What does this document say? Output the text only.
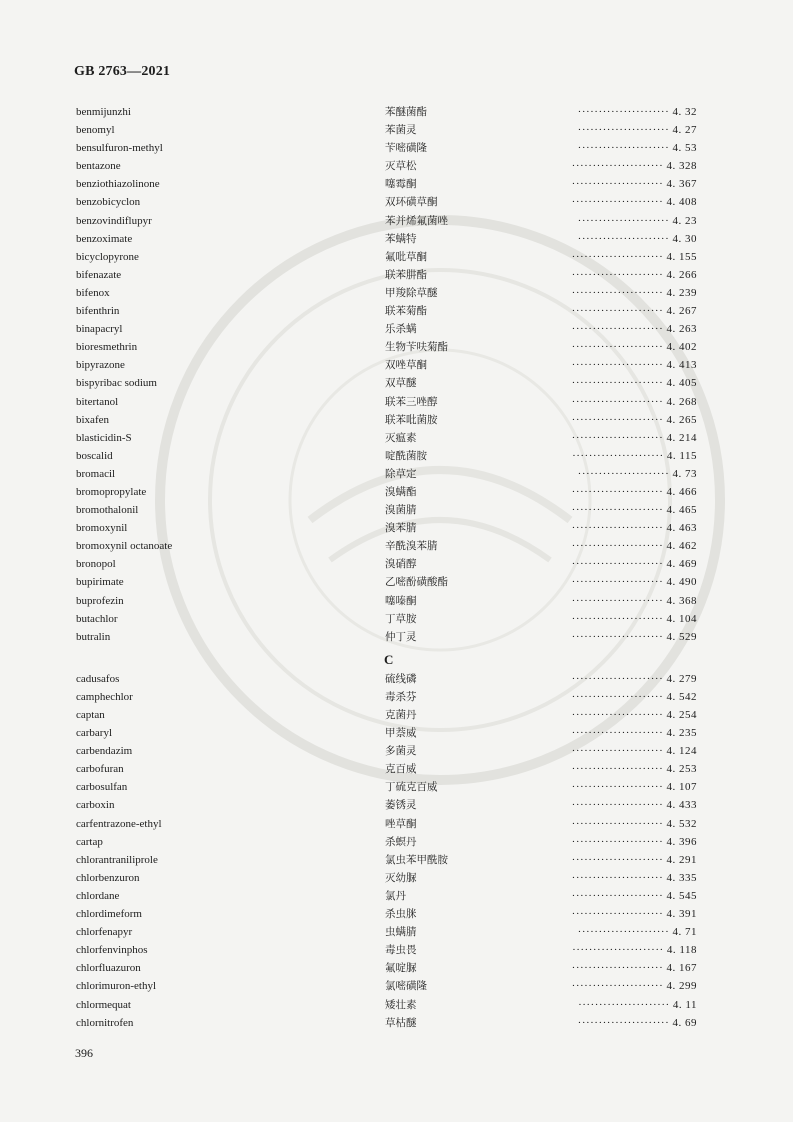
GB 2763—2021
benmijunzhi	苯醚菌酯	······················ 4. 32
benomyl	苯菌灵	······················ 4. 27
bensulfuron-methyl	苄嘧磺隆	······················ 4. 53
bentazone	灭草松	······················ 4. 328
benziothiazolinone	噻霉酮	······················ 4. 367
benzobicyclon	双环磺草酮	······················ 4. 408
benzovindiflupyr	苯并烯氟菌唑	······················ 4. 23
benzoximate	苯螨特	······················ 4. 30
bicyclopyrone	氟吡草酮	······················ 4. 155
bifenazate	联苯肼酯	······················ 4. 266
bifenox	甲羧除草醚	······················ 4. 239
bifenthrin	联苯菊酯	······················ 4. 267
binapacryl	乐杀螨	······················ 4. 263
bioresmethrin	生物苄呋菊酯	······················ 4. 402
bipyrazone	双唑草酮	······················ 4. 413
bispyribac sodium	双草醚	······················ 4. 405
bitertanol	联苯三唑醇	······················ 4. 268
bixafen	联苯吡菌胺	······················ 4. 265
blasticidin-S	灭瘟素	······················ 4. 214
boscalid	啶酰菌胺	······················ 4. 115
bromacil	除草定	······················ 4. 73
bromopropylate	溴螨酯	······················ 4. 466
bromothalonil	溴菌腈	······················ 4. 465
bromoxynil	溴苯腈	······················ 4. 463
bromoxynil octanoate	辛酰溴苯腈	······················ 4. 462
bronopol	溴硝醇	······················ 4. 469
bupirimate	乙嘧酚磺酸酯	······················ 4. 490
buprofezin	噻嗪酮	······················ 4. 368
butachlor	丁草胺	······················ 4. 104
butralin	仲丁灵	······················ 4. 529
C
cadusafos	硫线磷	······················ 4. 279
camphechlor	毒杀芬	······················ 4. 542
captan	克菌丹	······················ 4. 254
carbaryl	甲萘威	······················ 4. 235
carbendazim	多菌灵	······················ 4. 124
carbofuran	克百威	······················ 4. 253
carbosulfan	丁硫克百威	······················ 4. 107
carboxin	萎锈灵	······················ 4. 433
carfentrazone-ethyl	唑草酮	······················ 4. 532
cartap	杀螟丹	······················ 4. 396
chlorantraniliprole	氯虫苯甲酰胺	······················ 4. 291
chlorbenzuron	灭幼脲	······················ 4. 335
chlordane	氯丹	······················ 4. 545
chlordimeform	杀虫脒	······················ 4. 391
chlorfenapyr	虫螨腈	······················ 4. 71
chlorfenvinphos	毒虫畏	······················ 4. 118
chlorfluazuron	氟啶脲	······················ 4. 167
chlorimuron-ethyl	氯嘧磺隆	······················ 4. 299
chlormequat	矮壮素	······················ 4. 11
chlornitrofen	草枯醚	······················ 4. 69
396
